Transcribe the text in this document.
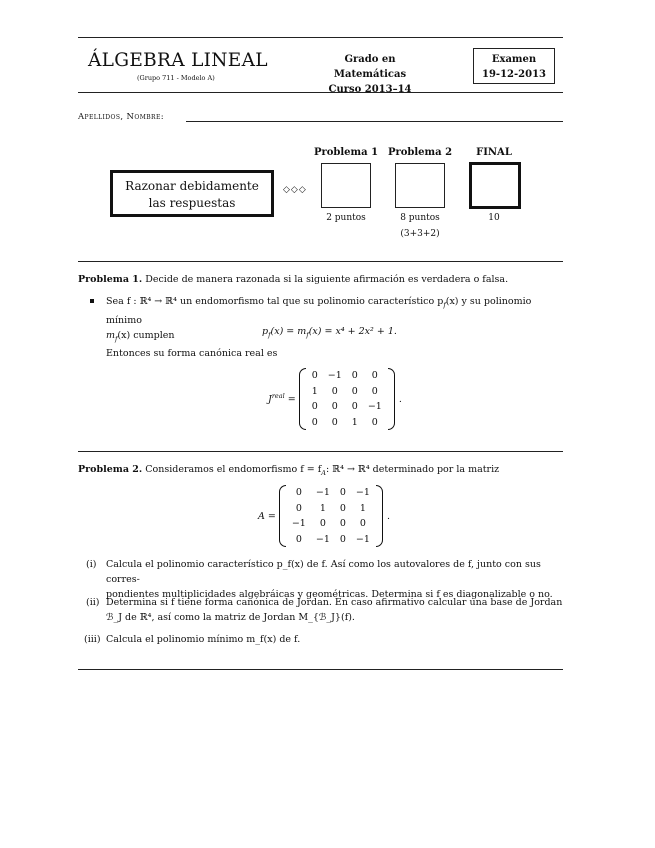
ÁLGEBRA LINEAL
(Grupo 711 - Modelo A)
Grado en Matemáticas
Curso 2013–14
Examen
19-12-2013
Apellidos, Nombre:
Razonar debidamente
las respuestas
◇◇◇
Problema 1 Problema 2	FINAL
2 puntos	8 puntos
(3+3+2)
10
Problema 1. Decide de manera razonada si la siguiente afirmación es verdadera o falsa.
Sea f : ℝ⁴ → ℝ⁴ un endomorfismo tal que su polinomio característico $p_f(x)$ y su polinomio mínimo
$m_f(x)$ cumplen	$p_f(x) = m_f(x) = x^4 + 2x^2 + 1$.
Entonces su forma canónica real es
$J^{real}$ =
0	−1	0	0
1	0	0	0
0	0	0	−1
0	0	1	0
.
Problema 2. Consideramos el endomorfismo $f = f_A$: ℝ⁴ → ℝ⁴ determinado por la matriz
A =
0	−1	0	−1
0	1	0	1
−1	0	0	0
0	−1	0	−1
.
(i)	Calcula el polinomio característico p_f(x) de f. Así como los autovalores de f, junto con sus corres-
pondientes multiplicidades algebráicas y geométricas. Determina si f es diagonalizable o no.
(ii) Determina si f tiene forma canónica de Jordan. En caso afirmativo calcular una base de Jordan
ℬ_J de ℝ⁴, así como la matriz de Jordan M_{ℬ_J}(f).
(iii) Calcula el polinomio mínimo m_f(x) de f.
